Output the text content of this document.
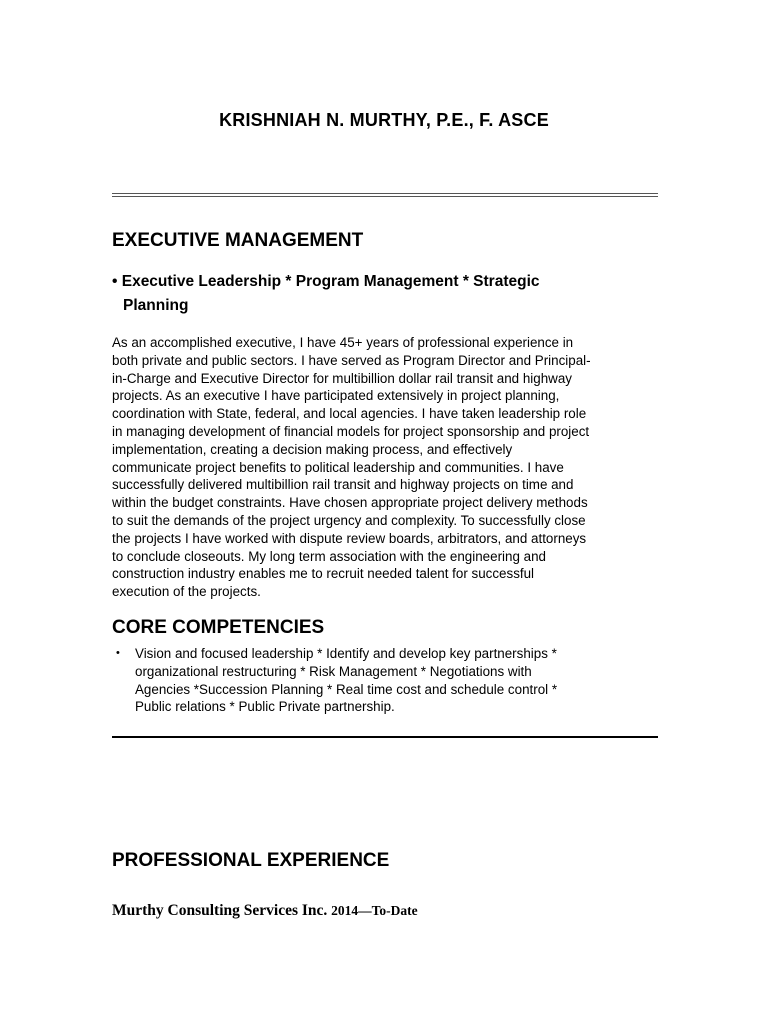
KRISHNIAH N. MURTHY, P.E., F. ASCE
EXECUTIVE MANAGEMENT
• Executive Leadership * Program Management * Strategic
Planning
As an accomplished executive, I have 45+ years of professional experience in
both private and public sectors. I have served as Program Director and Principal-
in-Charge and Executive Director for multibillion dollar rail transit and highway
projects. As an executive I have participated extensively in project planning,
coordination with State, federal, and local agencies. I have taken leadership role
in managing development of financial models for project sponsorship and project
implementation, creating a decision making process, and effectively
communicate project benefits to political leadership and communities. I have
successfully delivered multibillion rail transit and highway projects on time and
within the budget constraints. Have chosen appropriate project delivery methods
to suit the demands of the project urgency and complexity. To successfully close
the projects I have worked with dispute review boards, arbitrators, and attorneys
to conclude closeouts. My long term association with the engineering and
construction industry enables me to recruit needed talent for successful
execution of the projects.
CORE COMPETENCIES
• Vision and focused leadership * Identify and develop key partnerships *
organizational restructuring * Risk Management * Negotiations with
Agencies *Succession Planning * Real time cost and schedule control *
Public relations * Public Private partnership.
PROFESSIONAL EXPERIENCE
Murthy Consulting Services Inc. 2014—To-Date
